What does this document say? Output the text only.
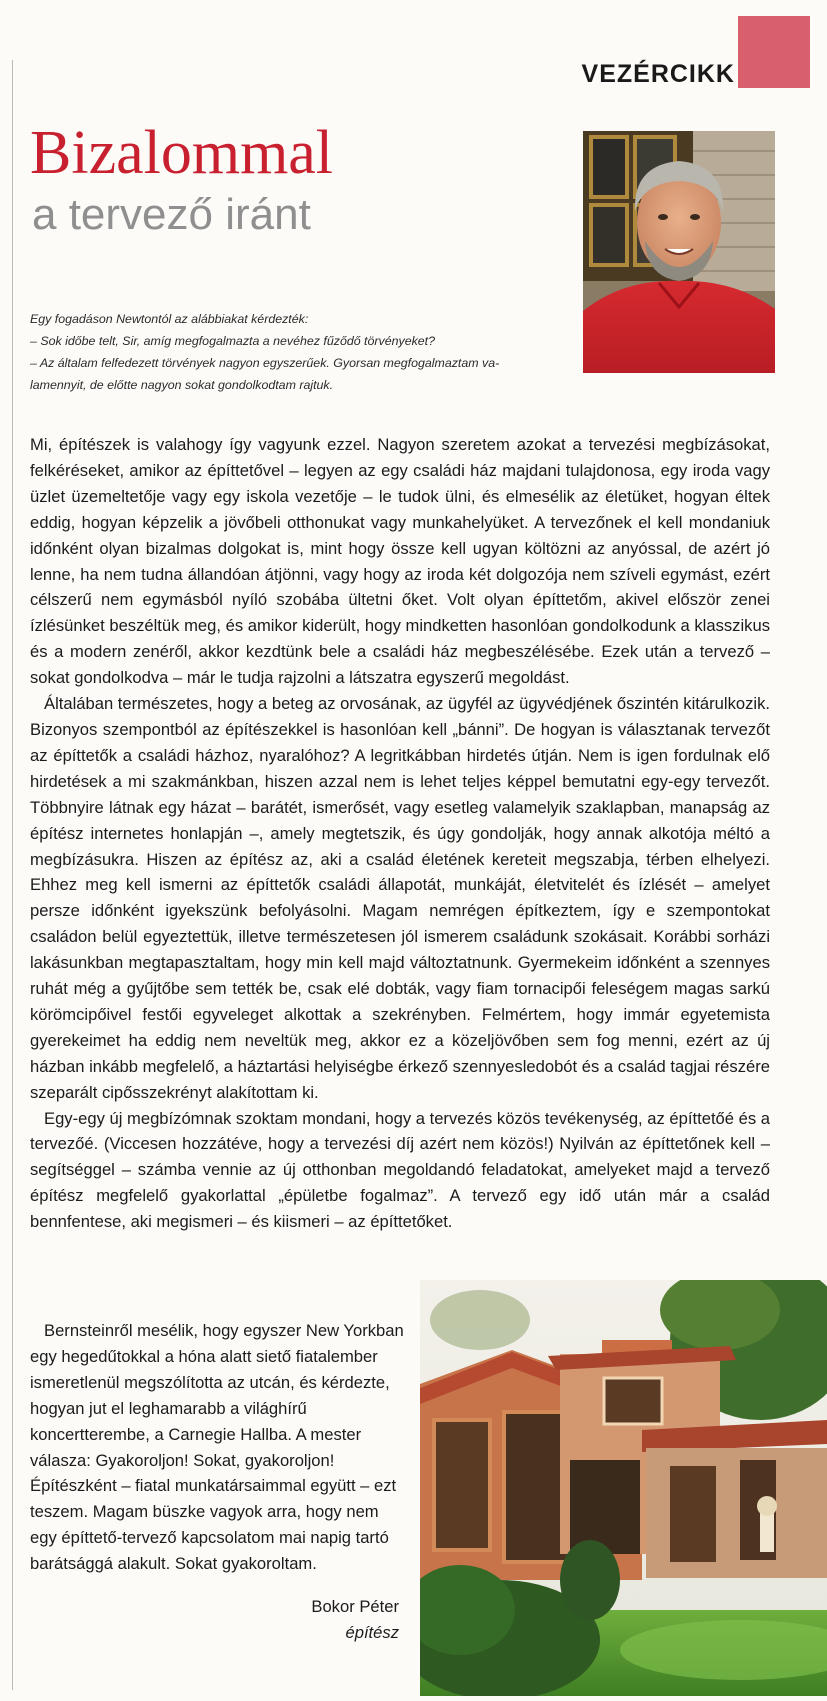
VEZÉRCIKK
Bizalommal
a tervező iránt

Egy fogadáson Newtontól az alábbiakat kérdezték:

– Sok időbe telt, Sir, amíg megfogalmazta a nevéhez fűződő törvényeket?

– Az általam felfedezett törvények nagyon egyszerűek. Gyorsan megfogalmaztam va-

lamennyit, de előtte nagyon sokat gondolkodtam rajtuk.

Mi, építészek is valahogy így vagyunk ezzel. Nagyon szeretem azokat a tervezési megbízásokat, felkéréseket, amikor az építtetővel – legyen az egy családi ház majdani tulajdonosa, egy iroda vagy üzlet üzemeltetője vagy egy iskola vezetője – le tudok ülni, és elmesélik az életüket, hogyan éltek eddig, hogyan képzelik a jövőbeli otthonukat vagy munkahelyüket. A tervezőnek el kell mondaniuk időnként olyan bizalmas dolgokat is, mint hogy össze kell ugyan költözni az anyóssal, de azért jó lenne, ha nem tudna állandóan átjönni, vagy hogy az iroda két dolgozója nem szíveli egymást, ezért célszerű nem egymásból nyíló szobába ültetni őket. Volt olyan építtetőm, akivel először zenei ízlésünket beszéltük meg, és amikor kiderült, hogy mindketten hasonlóan gondolkodunk a klasszikus és a modern zenéről, akkor kezdtünk bele a családi ház megbeszélésébe. Ezek után a tervező – sokat gondolkodva – már le tudja rajzolni a látszatra egyszerű megoldást.

Általában természetes, hogy a beteg az orvosának, az ügyfél az ügyvédjének őszintén kitárulkozik. Bizonyos szempontból az építészekkel is hasonlóan kell „bánni”. De hogyan is választanak tervezőt az építtetők a családi házhoz, nyaralóhoz? A legritkábban hirdetés útján. Nem is igen fordulnak elő hirdetések a mi szakmánkban, hiszen azzal nem is lehet teljes képpel bemutatni egy-egy tervezőt. Többnyire látnak egy házat – barátét, ismerősét, vagy esetleg valamelyik szaklapban, manapság az építész internetes honlapján –, amely megtetszik, és úgy gondolják, hogy annak alkotója méltó a megbízásukra. Hiszen az építész az, aki a család életének kereteit megszabja, térben elhelyezi. Ehhez meg kell ismerni az építtetők családi állapotát, munkáját, életvitelét és ízlését – amelyet persze időnként igyekszünk befolyásolni. Magam nemrégen építkeztem, így e szempontokat családon belül egyeztettük, illetve természetesen jól ismerem családunk szokásait. Korábbi sorházi lakásunkban megtapasztaltam, hogy min kell majd változtatnunk. Gyermekeim időnként a szennyes ruhát még a gyűjtőbe sem tették be, csak elé dobták, vagy fiam tornacipői feleségem magas sarkú körömcipőivel festői egyveleget alkottak a szekrényben. Felmértem, hogy immár egyetemista gyerekeimet ha eddig nem neveltük meg, akkor ez a közeljövőben sem fog menni, ezért az új házban inkább megfelelő, a háztartási helyiségbe érkező szennyesledobót és a család tagjai részére szeparált cipősszekrényt alakítottam ki.

Egy-egy új megbízómnak szoktam mondani, hogy a tervezés közös tevékenység, az építtetőé és a tervezőé. (Viccesen hozzátéve, hogy a tervezési díj azért nem közös!) Nyilván az építtetőnek kell – segítséggel – számba vennie az új otthonban megoldandó feladatokat, amelyeket majd a tervező építész megfelelő gyakorlattal „épületbe fogalmaz”. A tervező egy idő után már a család bennfentese, aki megismeri – és kiismeri – az építtetőket.

Bernsteinről mesélik, hogy egyszer New Yorkban egy hegedűtokkal a hóna alatt siető fiatalember ismeretlenül megszólította az utcán, és kérdezte, hogyan jut el leghamarabb a világhírű koncertterembe, a Carnegie Hallba. A mester válasza: Gyakoroljon! Sokat, gyakoroljon! Építészként – fiatal munkatársaimmal együtt – ezt teszem. Magam büszke vagyok arra, hogy nem egy építtető-tervező kapcsolatom mai napig tartó barátsággá alakult. Sokat gyakoroltam.

Bokor Péter
építész
